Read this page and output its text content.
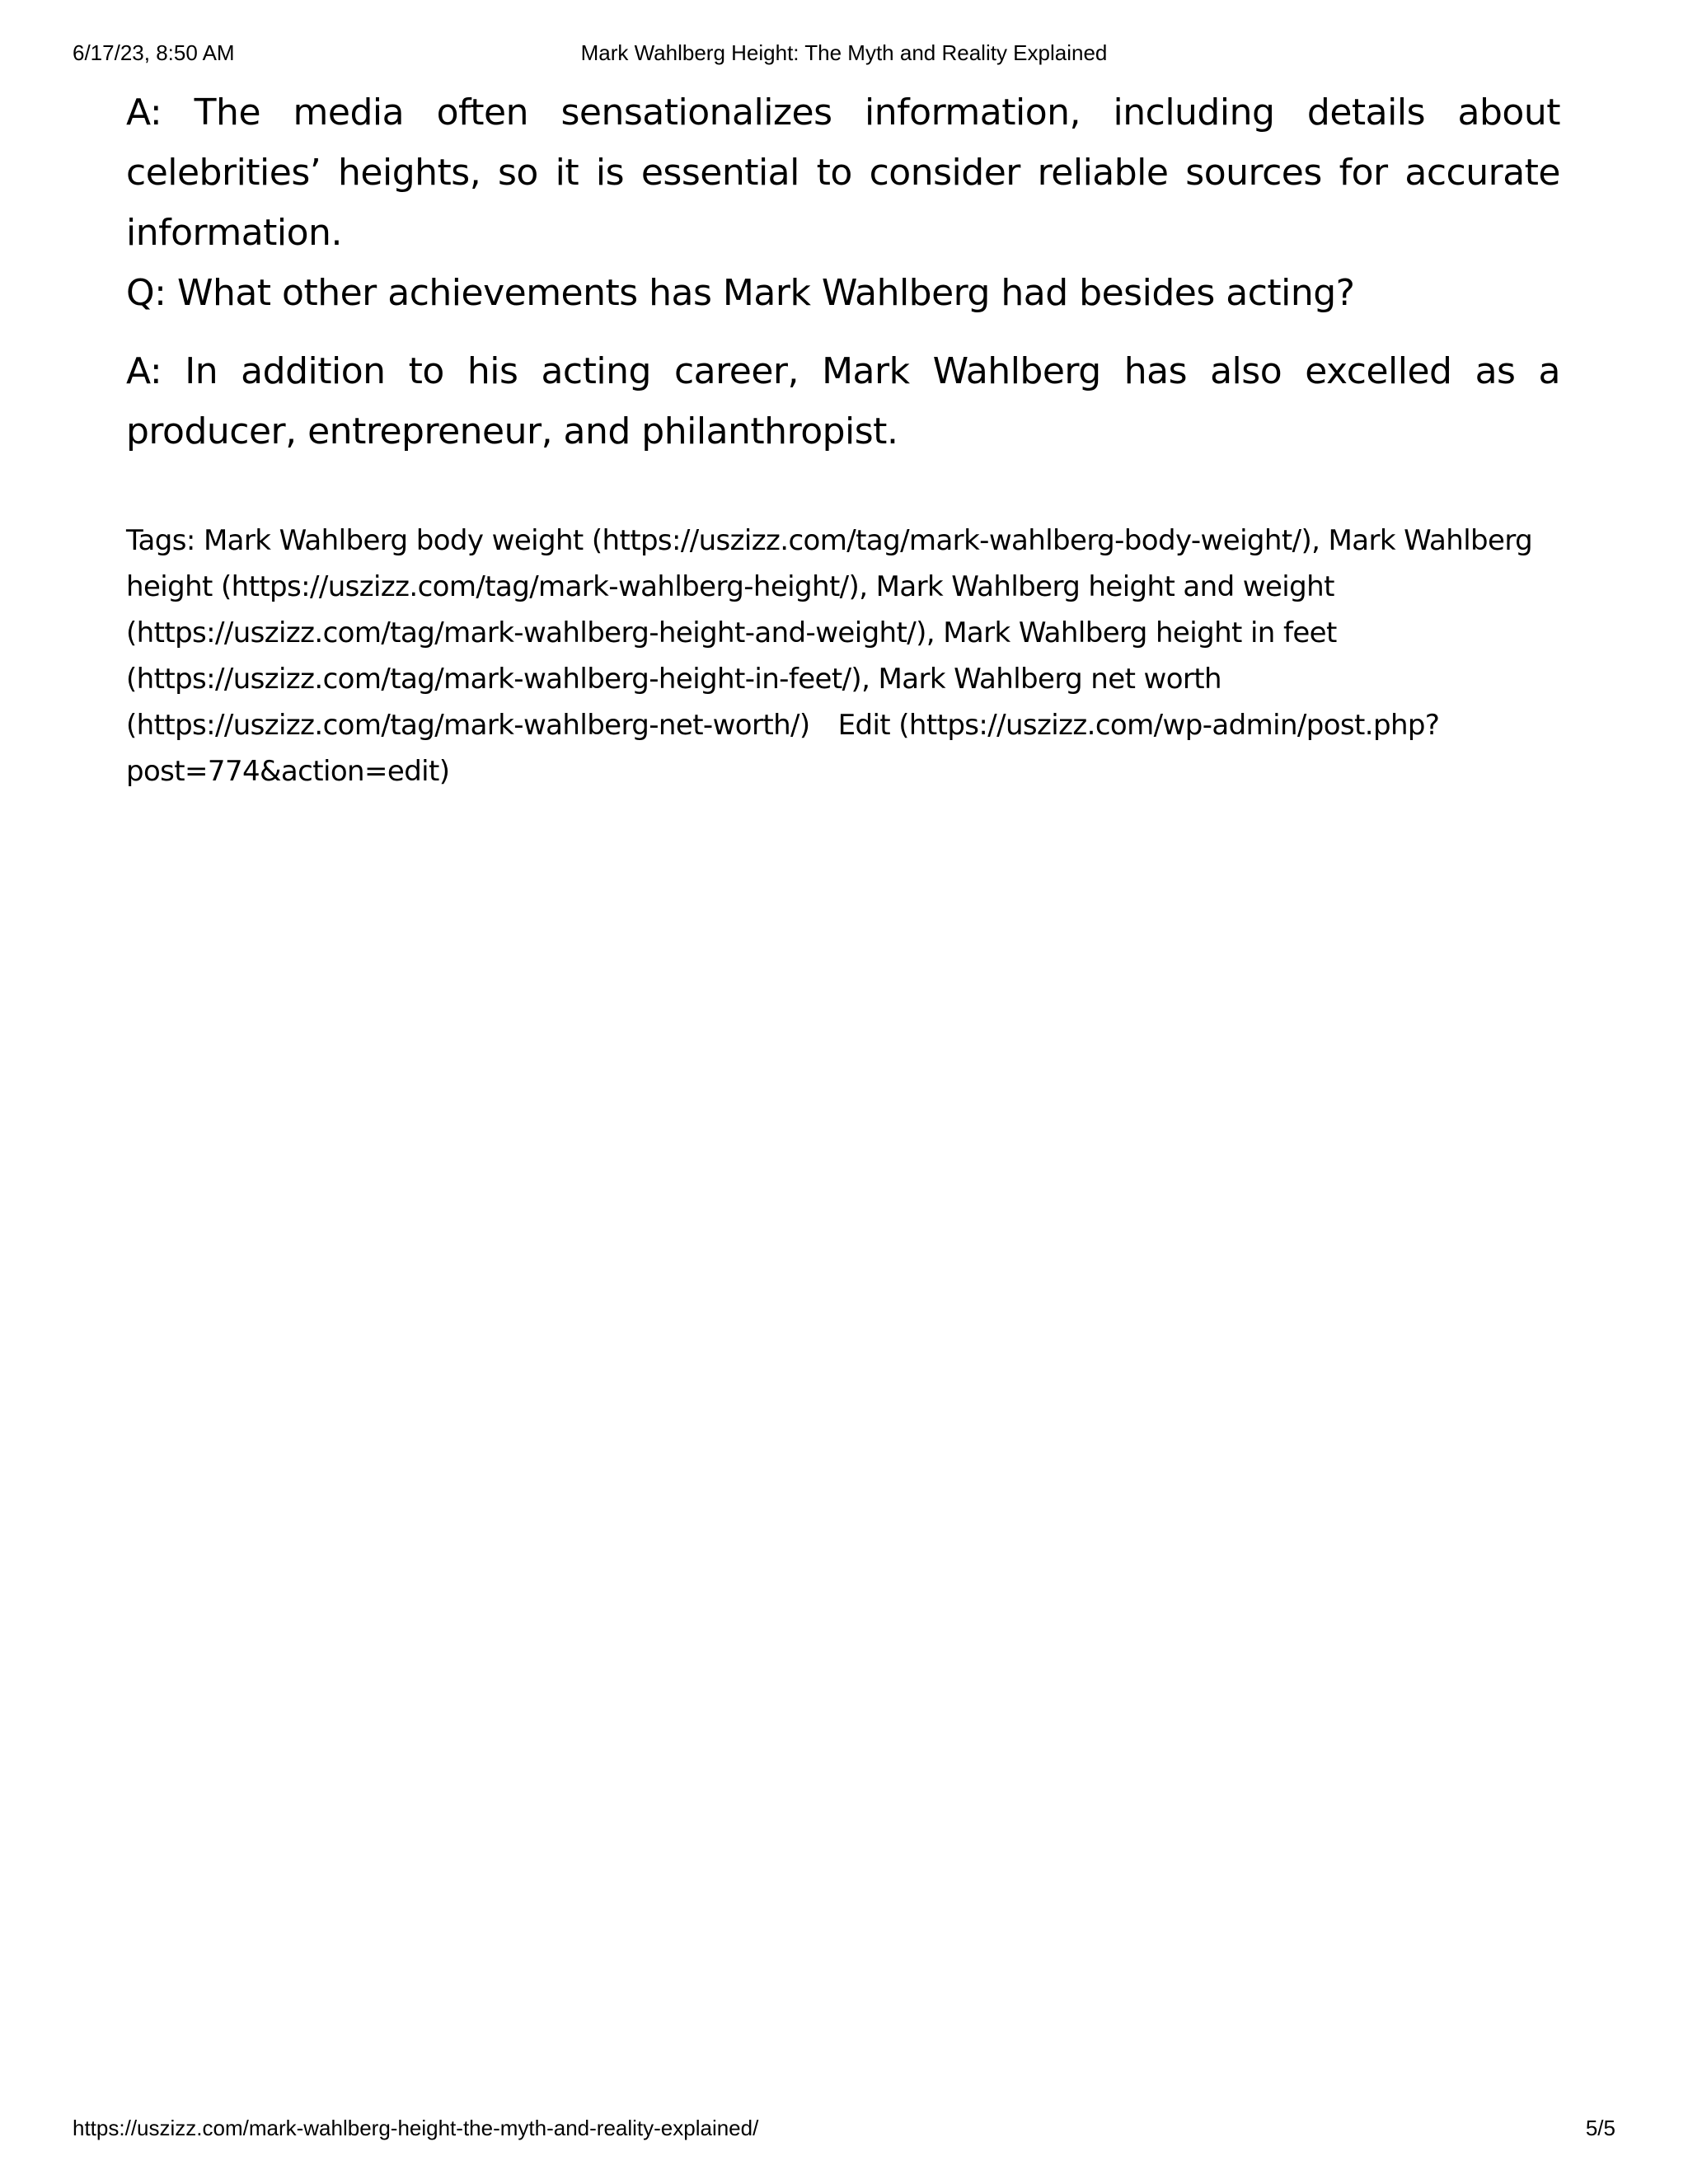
6/17/23, 8:50 AM	Mark Wahlberg Height: The Myth and Reality Explained

A: The media often sensationalizes information, including details about celebrities’ heights, so it is essential to consider reliable sources for accurate information.

Q: What other achievements has Mark Wahlberg had besides acting?

A: In addition to his acting career, Mark Wahlberg has also excelled as a producer, entrepreneur, and philanthropist.

Tags: Mark Wahlberg body weight (https://uszizz.com/tag/mark-wahlberg-body-weight/), Mark Wahlberg height (https://uszizz.com/tag/mark-wahlberg-height/), Mark Wahlberg height and weight (https://uszizz.com/tag/mark-wahlberg-height-and-weight/), Mark Wahlberg height in feet (https://uszizz.com/tag/mark-wahlberg-height-in-feet/), Mark Wahlberg net worth (https://uszizz.com/tag/mark-wahlberg-net-worth/) Edit (https://uszizz.com/wp-admin/post.php?post=774&action=edit)
https://uszizz.com/mark-wahlberg-height-the-myth-and-reality-explained/	5/5
